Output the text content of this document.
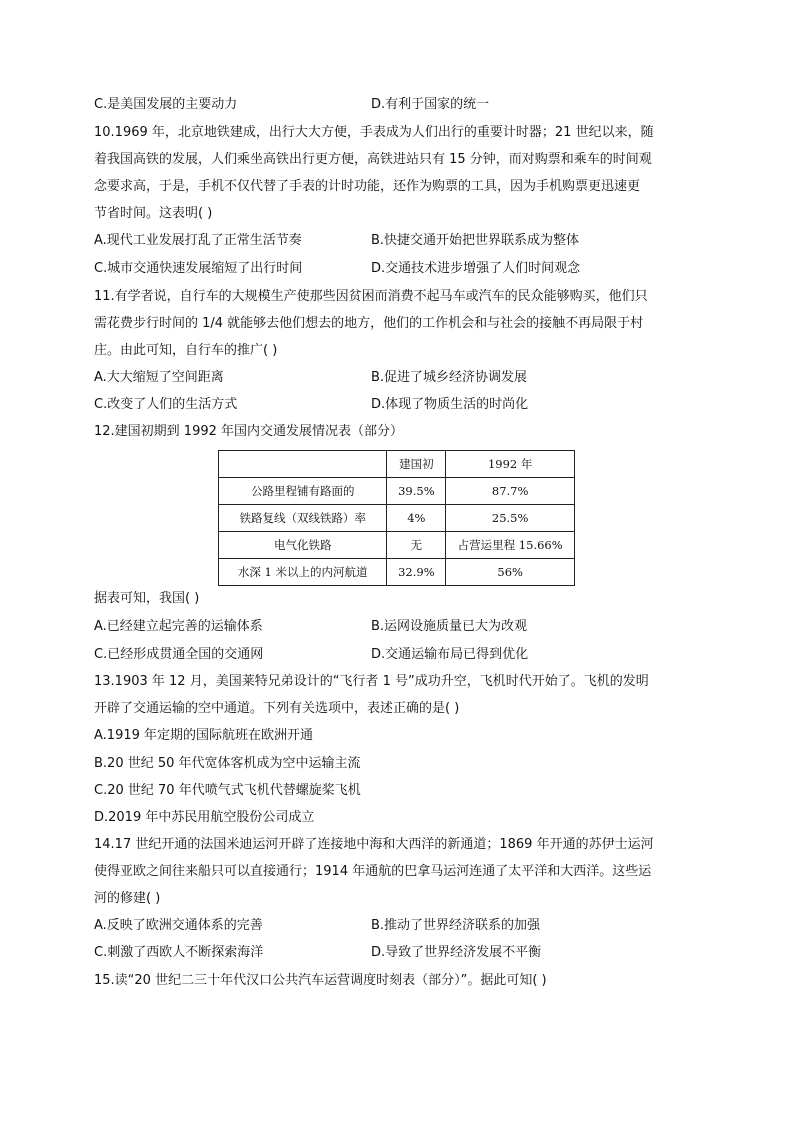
C.是美国发展的主要动力	D.有利于国家的统一
10.1969 年，北京地铁建成，出行大大方便，手表成为人们出行的重要计时器；21 世纪以来，随
着我国高铁的发展，人们乘坐高铁出行更方便，高铁进站只有 15 分钟，而对购票和乘车的时间观
念要求高，于是，手机不仅代替了手表的计时功能，还作为购票的工具，因为手机购票更迅速更
节省时间。这表明( )
A.现代工业发展打乱了正常生活节奏	B.快捷交通开始把世界联系成为整体
C.城市交通快速发展缩短了出行时间	D.交通技术进步增强了人们时间观念
11.有学者说，自行车的大规模生产使那些因贫困而消费不起马车或汽车的民众能够购买，他们只
需花费步行时间的 1/4 就能够去他们想去的地方，他们的工作机会和与社会的接触不再局限于村
庄。由此可知，自行车的推广( )
A.大大缩短了空间距离	B.促进了城乡经济协调发展
C.改变了人们的生活方式	D.体现了物质生活的时尚化
12.建国初期到 1992 年国内交通发展情况表（部分）
	建国初	1992 年
公路里程铺有路面的	39.5%	87.7%
铁路复线（双线铁路）率	4%	25.5%
电气化铁路	无	占营运里程 15.66%
水深 1 米以上的内河航道	32.9%	56%
据表可知，我国( )
A.已经建立起完善的运输体系	B.运网设施质量已大为改观
C.已经形成贯通全国的交通网	D.交通运输布局已得到优化
13.1903 年 12 月，美国莱特兄弟设计的“飞行者 1 号”成功升空，飞机时代开始了。飞机的发明
开辟了交通运输的空中通道。下列有关选项中，表述正确的是( )
A.1919 年定期的国际航班在欧洲开通
B.20 世纪 50 年代宽体客机成为空中运输主流
C.20 世纪 70 年代喷气式飞机代替螺旋桨飞机
D.2019 年中苏民用航空股份公司成立
14.17 世纪开通的法国米迪运河开辟了连接地中海和大西洋的新通道；1869 年开通的苏伊士运河
使得亚欧之间往来船只可以直接通行；1914 年通航的巴拿马运河连通了太平洋和大西洋。这些运
河的修建( )
A.反映了欧洲交通体系的完善	B.推动了世界经济联系的加强
C.刺激了西欧人不断探索海洋	D.导致了世界经济发展不平衡
15.读“20 世纪二三十年代汉口公共汽车运营调度时刻表（部分）”。据此可知( )
